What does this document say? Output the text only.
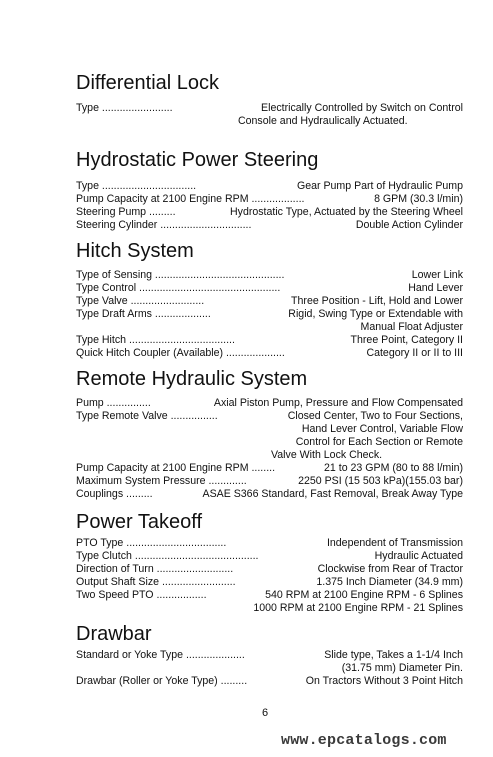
Differential Lock
Type ........................	Electrically Controlled by Switch on Control
Console and Hydraulically Actuated.
Hydrostatic Power Steering
Type ................................	Gear Pump Part of Hydraulic Pump
Pump Capacity at 2100 Engine RPM ..................	8 GPM (30.3 l/min)
Steering Pump .........	Hydrostatic Type, Actuated by the Steering Wheel
Steering Cylinder ...............................	Double Action Cylinder
Hitch System
Type of Sensing ............................................	Lower Link
Type Control ................................................	Hand Lever
Type Valve .........................	Three Position - Lift, Hold and Lower
Type Draft Arms ...................	Rigid, Swing Type or Extendable with
Manual Float Adjuster
Type Hitch ....................................	Three Point, Category II
Quick Hitch Coupler (Available) ....................	Category II or II to III
Remote Hydraulic System
Pump ...............	Axial Piston Pump, Pressure and Flow Compensated
Type Remote Valve ................	Closed Center, Two to Four Sections,
Hand Lever Control, Variable Flow
Control for Each Section or Remote
Valve With Lock Check.
Pump Capacity at 2100 Engine RPM ........	21 to 23 GPM (80 to 88 l/min)
Maximum System Pressure .............	2250 PSI (15 503 kPa)(155.03 bar)
Couplings .........	ASAE S366 Standard, Fast Removal, Break Away Type
Power Takeoff
PTO Type ..................................	Independent of Transmission
Type Clutch ..........................................	Hydraulic Actuated
Direction of Turn ..........................	Clockwise from Rear of Tractor
Output Shaft Size .........................	1.375 Inch Diameter (34.9 mm)
Two Speed PTO .................	540 RPM at 2100 Engine RPM - 6 Splines
1000 RPM at 2100 Engine RPM - 21 Splines
Drawbar
Standard or Yoke Type ....................	Slide type, Takes a 1-1/4 Inch
(31.75 mm) Diameter Pin.
Drawbar (Roller or Yoke Type) .........	On Tractors Without 3 Point Hitch
6
www.epcatalogs.com
